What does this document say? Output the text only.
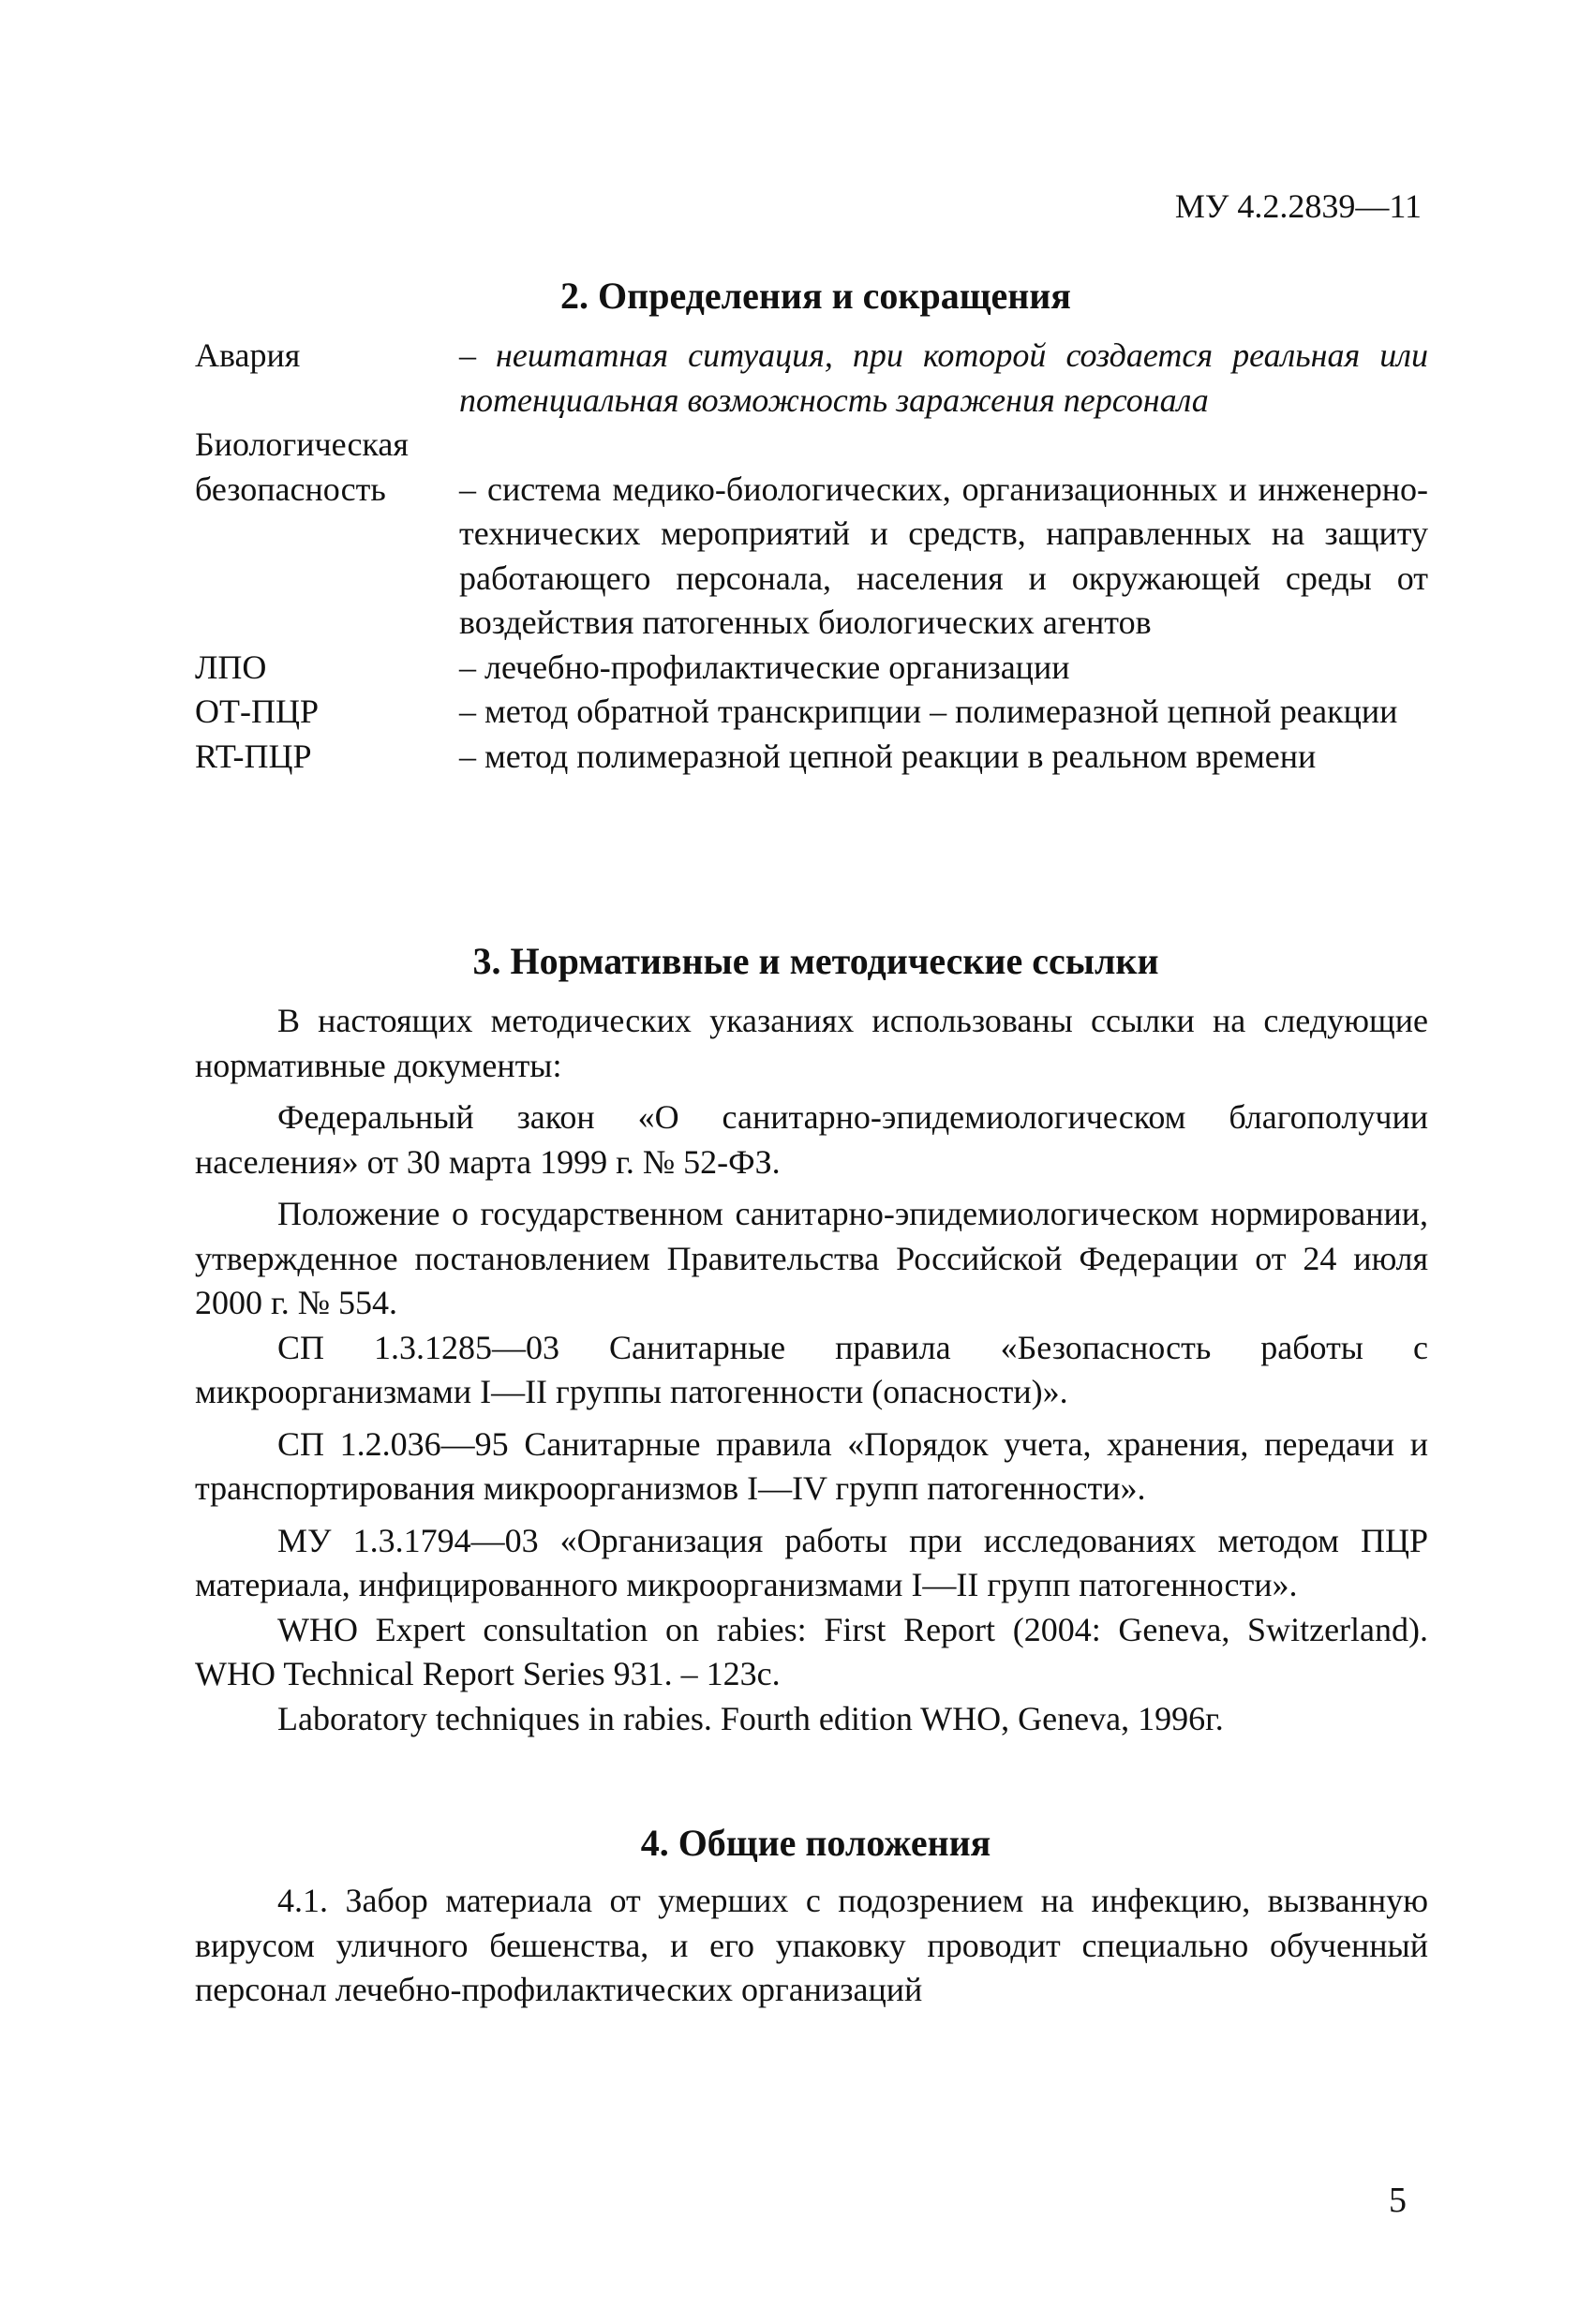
МУ 4.2.2839—11
2. Определения и сокращения
Авария	– нештатная ситуация, при которой создается реальная или потенциальная возможность заражения персонала
Биологическая
безопасность	– система медико-биологических, организационных и инженерно-технических мероприятий и средств, направленных на защиту работающего персонала, населения и окружающей среды от воздействия патогенных биологических агентов
ЛПО	– лечебно-профилактические организации
ОТ-ПЦР	– метод обратной транскрипции – полимеразной цепной реакции
RT-ПЦР	– метод полимеразной цепной реакции в реальном времени
3. Нормативные и методические ссылки

В настоящих методических указаниях использованы ссылки на следующие нормативные документы:

Федеральный закон «О санитарно-эпидемиологическом благополучии населения» от 30 марта 1999 г. № 52-ФЗ.

Положение о государственном санитарно-эпидемиологическом нормировании, утвержденное постановлением Правительства Российской Федерации от 24 июля 2000 г. № 554.

СП 1.3.1285—03 Санитарные правила «Безопасность работы с микроорганизмами I—II группы патогенности (опасности)».

СП 1.2.036—95 Санитарные правила «Порядок учета, хранения, передачи и транспортирования микроорганизмов I—IV групп патогенности».

МУ 1.3.1794—03 «Организация работы при исследованиях методом ПЦР материала, инфицированного микроорганизмами I—II групп патогенности».

WHO Expert consultation on rabies: First Report (2004: Geneva, Switzerland). WHO Technical Report Series 931. – 123с.

Laboratory techniques in rabies. Fourth edition WHO, Geneva, 1996г.

4. Общие положения

4.1. Забор материала от умерших с подозрением на инфекцию, вызванную вирусом уличного бешенства, и его упаковку проводит специально обученный персонал лечебно-профилактических организаций

5
